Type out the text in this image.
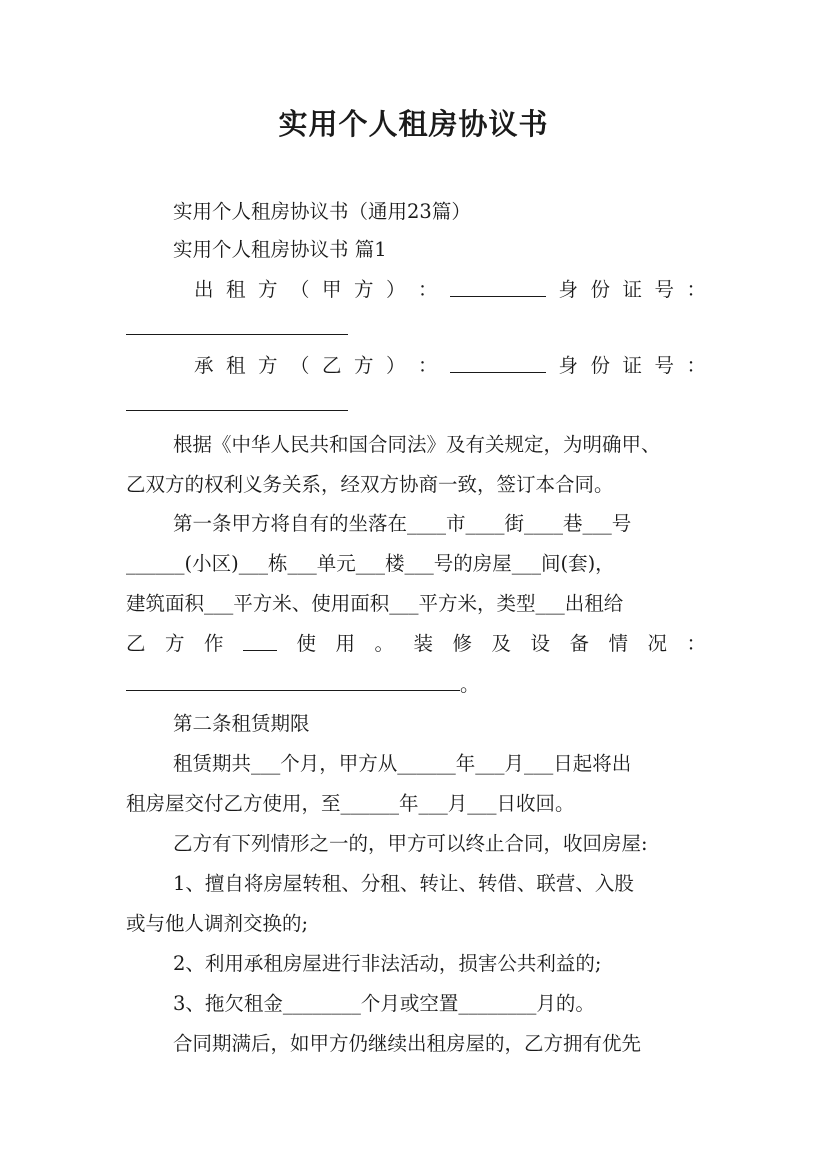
实用个人租房协议书
实用个人租房协议书（通用23篇）
实用个人租房协议书 篇1
出 租 方 （ 甲 方 ） ：	身 份 证 号 ：
承 租 方 （ 乙 方 ） ：	身 份 证 号 ：
根据《中华人民共和国合同法》及有关规定，为明确甲、
乙双方的权利义务关系，经双方协商一致，签订本合同。
第一条甲方将自有的坐落在____市____街____巷___号
______(小区)___栋___单元___楼___号的房屋___间(套)，
建筑面积___平方米、使用面积___平方米，类型___出租给
乙 方 作	使 用 。 装 修 及 设 备 情 况 ：
。
第二条租赁期限
租赁期共___个月，甲方从______年___月___日起将出
租房屋交付乙方使用，至______年___月___日收回。
乙方有下列情形之一的，甲方可以终止合同，收回房屋:
1、擅自将房屋转租、分租、转让、转借、联营、入股
或与他人调剂交换的;
2、利用承租房屋进行非法活动，损害公共利益的;
3、拖欠租金________个月或空置________月的。
合同期满后，如甲方仍继续出租房屋的，乙方拥有优先
